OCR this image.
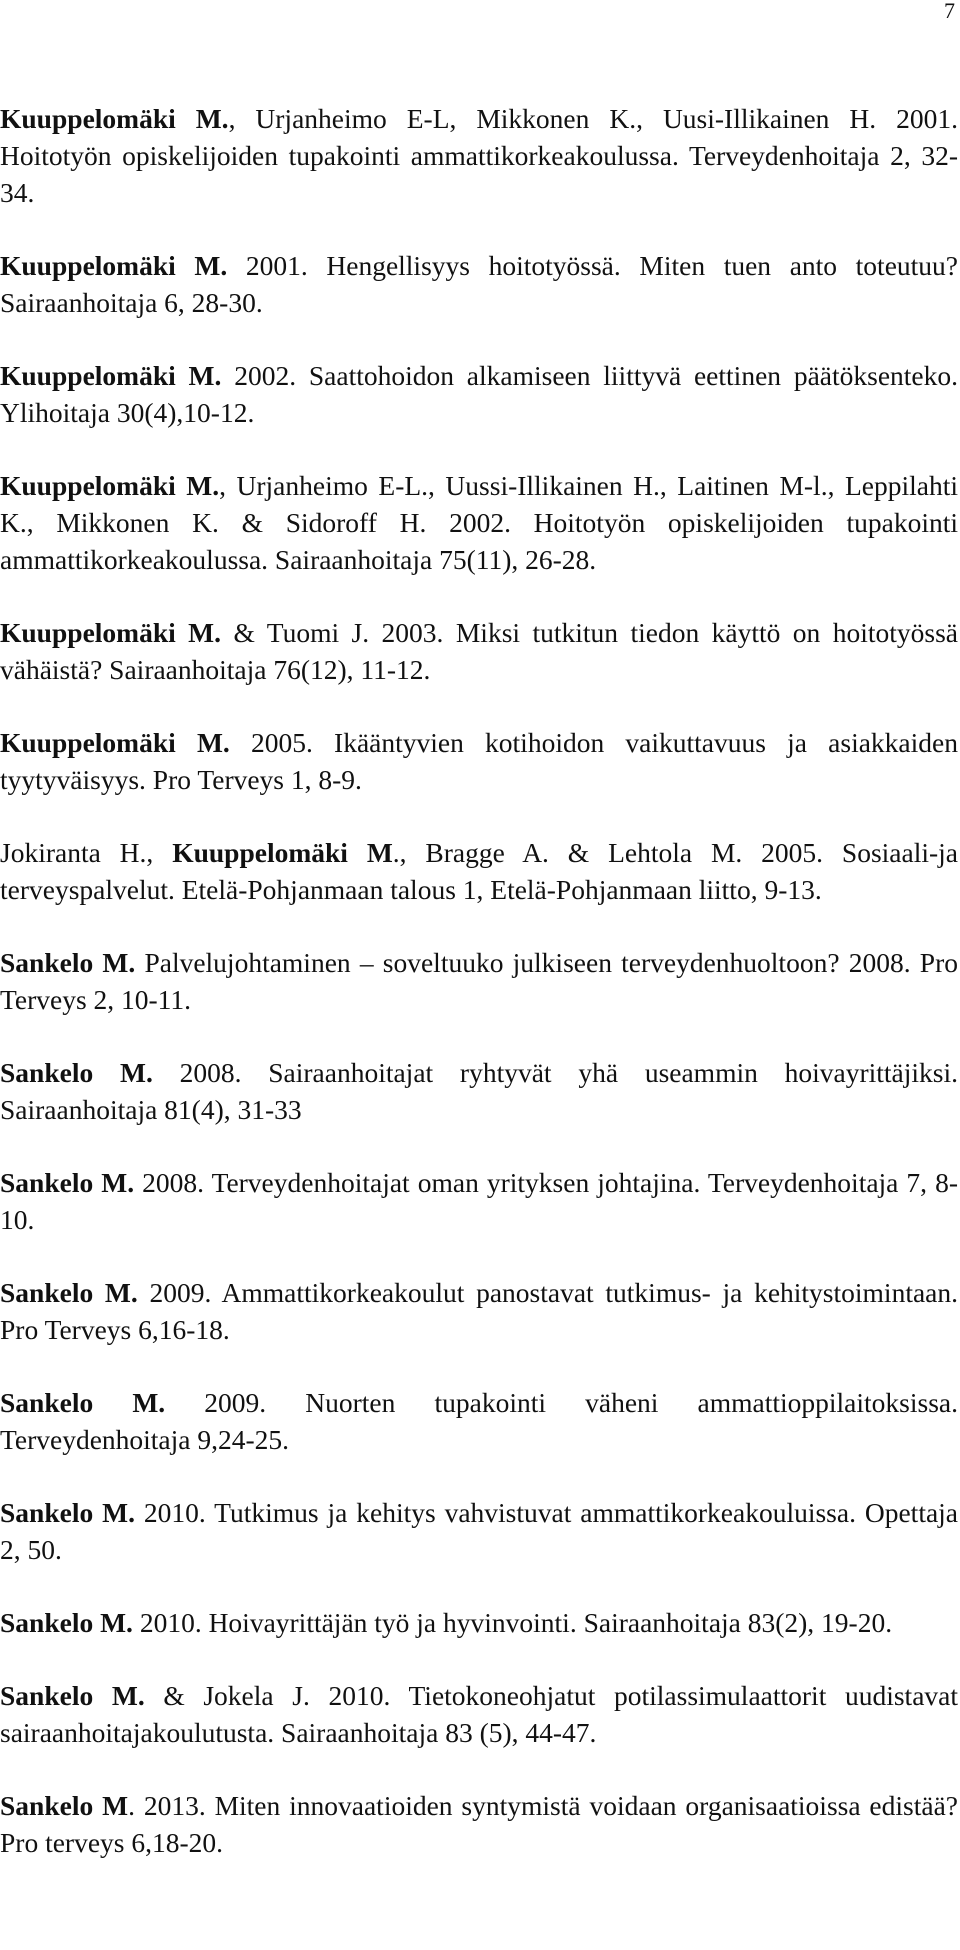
7

Kuuppelomäki M., Urjanheimo E-L, Mikkonen K., Uusi-Illikainen H. 2001. Hoitotyön opiskelijoiden tupakointi ammattikorkeakoulussa. Terveydenhoitaja 2, 32-34.

Kuuppelomäki M. 2001. Hengellisyys hoitotyössä. Miten tuen anto toteutuu? Sairaanhoitaja 6, 28-30.

Kuuppelomäki M. 2002. Saattohoidon alkamiseen liittyvä eettinen päätöksenteko. Ylihoitaja 30(4),10-12.

Kuuppelomäki M., Urjanheimo E-L., Uussi-Illikainen H., Laitinen M-l., Leppilahti K., Mikkonen K. & Sidoroff H. 2002. Hoitotyön opiskelijoiden tupakointi ammattikorkeakoulussa. Sairaanhoitaja 75(11), 26-28.

Kuuppelomäki M. & Tuomi J. 2003. Miksi tutkitun tiedon käyttö on hoitotyössä vähäistä? Sairaanhoitaja 76(12), 11-12.

Kuuppelomäki M. 2005. Ikääntyvien kotihoidon vaikuttavuus ja asiakkaiden tyytyväisyys. Pro Terveys 1, 8-9.

Jokiranta H., Kuuppelomäki M., Bragge A. & Lehtola M. 2005. Sosiaali-ja terveyspalvelut. Etelä-Pohjanmaan talous 1, Etelä-Pohjanmaan liitto, 9-13.

Sankelo M. Palvelujohtaminen – soveltuuko julkiseen terveydenhuoltoon? 2008. Pro Terveys 2, 10-11.

Sankelo M. 2008. Sairaanhoitajat ryhtyvät yhä useammin hoivayrittäjiksi. Sairaanhoitaja 81(4), 31-33

Sankelo M. 2008. Terveydenhoitajat oman yrityksen johtajina. Terveydenhoitaja 7, 8-10.

Sankelo M. 2009. Ammattikorkeakoulut panostavat tutkimus- ja kehitystoimintaan. Pro Terveys 6,16-18.

Sankelo M. 2009. Nuorten tupakointi väheni ammattioppilaitoksissa. Terveydenhoitaja 9,24-25.

Sankelo M. 2010. Tutkimus ja kehitys vahvistuvat ammattikorkeakouluissa. Opettaja 2, 50.

Sankelo M. 2010. Hoivayrittäjän työ ja hyvinvointi. Sairaanhoitaja 83(2), 19-20.

Sankelo M. & Jokela J. 2010. Tietokoneohjatut potilassimulaattorit uudistavat sairaanhoitajakoulutusta. Sairaanhoitaja 83 (5), 44-47.

Sankelo M. 2013. Miten innovaatioiden syntymistä voidaan organisaatioissa edistää? Pro terveys 6,18-20.
